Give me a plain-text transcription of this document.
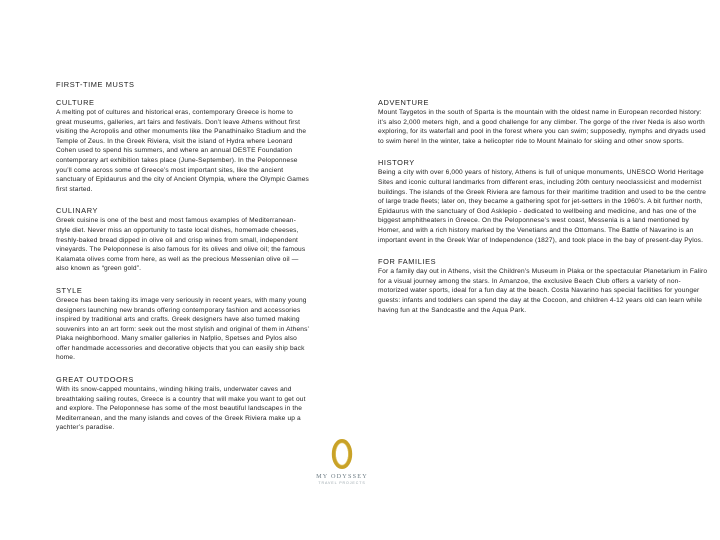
FIRST-TIME MUSTS

CULTURE

A melting pot of cultures and historical eras, contemporary Greece is home to great museums, galleries, art fairs and festivals. Don’t leave Athens without first visiting the Acropolis and other monuments like the Panathinaiko Stadium and the Temple of Zeus. In the Greek Riviera, visit the island of Hydra where Leonard Cohen used to spend his summers, and where an annual DESTE Foundation contemporary art exhibition takes place (June-September). In the Peloponnese you’ll come across some of Greece’s most important sites, like the ancient sanctuary of Epidaurus and the city of Ancient Olympia, where the Olympic Games first started.

CULINARY

Greek cuisine is one of the best and most famous examples of Mediterranean-style diet. Never miss an opportunity to taste local dishes, homemade cheeses, freshly-baked bread dipped in olive oil and crisp wines from small, independent vineyards. The Peloponnese is also famous for its olives and olive oil; the famous Kalamata olives come from here, as well as the precious Messenian olive oil —also known as “green gold”.

STYLE

Greece has been taking its image very seriously in recent years, with many young designers launching new brands offering contemporary fashion and accessories inspired by traditional arts and crafts. Greek designers have also turned making souvenirs into an art form: seek out the most stylish and original of them in Athens’ Plaka neighborhood. Many smaller galleries in Nafplio, Spetses and Pylos also offer handmade accessories and decorative objects that you can easily ship back home.

GREAT OUTDOORS

With its snow-capped mountains, winding hiking trails, underwater caves and breathtaking sailing routes, Greece is a country that will make you want to get out and explore. The Peloponnese has some of the most beautiful landscapes in the Mediterranean, and the many islands and coves of the Greek Riviera make up a yachter’s paradise.

ADVENTURE

Mount Taygetos in the south of Sparta is the mountain with the oldest name in European recorded history: it’s also 2,000 meters high, and a good challenge for any climber. The gorge of the river Neda is also worth exploring, for its waterfall and pool in the forest where you can swim; supposedly, nymphs and dryads used to swim here! In the winter, take a helicopter ride to Mount Mainalo for skiing and other snow sports.

HISTORY

Being a city with over 6,000 years of history, Athens is full of unique monuments, UNESCO World Heritage Sites and iconic cultural landmarks from different eras, including 20th century neoclassicist and modernist buildings. The islands of the Greek Riviera are famous for their maritime tradition and used to be the centre of large trade fleets; later on, they became a gathering spot for jet-setters in the 1960’s. A bit further north, Epidaurus with the sanctuary of God Asklepio - dedicated to wellbeing and medicine, and has one of the biggest amphitheaters in Greece. On the Peloponnese’s west coast, Messenia is a land mentioned by Homer, and with a rich history marked by the Venetians and the Ottomans. The Battle of Navarino is an important event in the Greek War of Independence (1827), and took place in the bay of present-day Pylos.

FOR FAMILIES

For a family day out in Athens, visit the Children’s Museum in Plaka or the spectacular Planetarium in Faliro for a visual journey among the stars. In Amanzoe, the exclusive Beach Club offers a variety of non-motorized water sports, ideal for a fun day at the beach. Costa Navarino has special facilities for younger guests: infants and toddlers can spend the day at the Cocoon, and children 4-12 years old can learn while having fun at the Sandcastle and the Aqua Park.

MY ODYSSEY
TRAVEL PROJECTS
